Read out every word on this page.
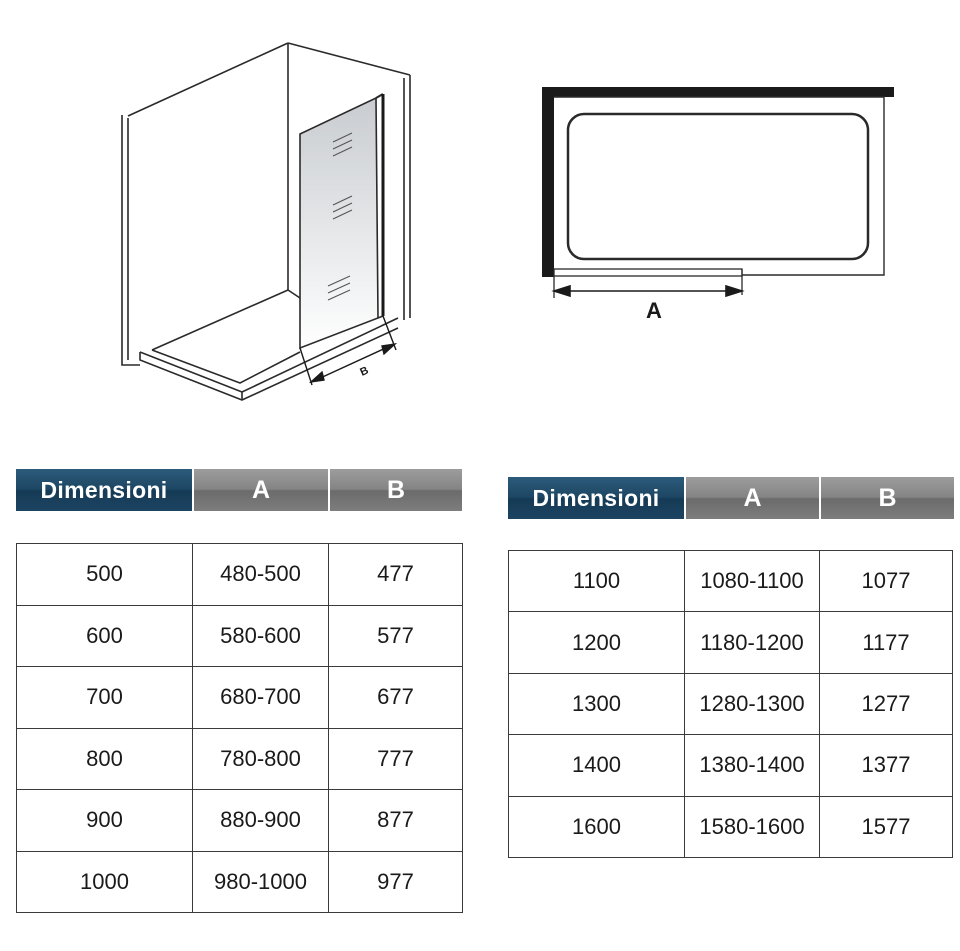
B
A
Dimensioni	A	B
500	480-500	477
600	580-600	577
700	680-700	677
800	780-800	777
900	880-900	877
1000	980-1000	977
Dimensioni	A	B
1100	1080-1100	1077
1200	1180-1200	1177
1300	1280-1300	1277
1400	1380-1400	1377
1600	1580-1600	1577
